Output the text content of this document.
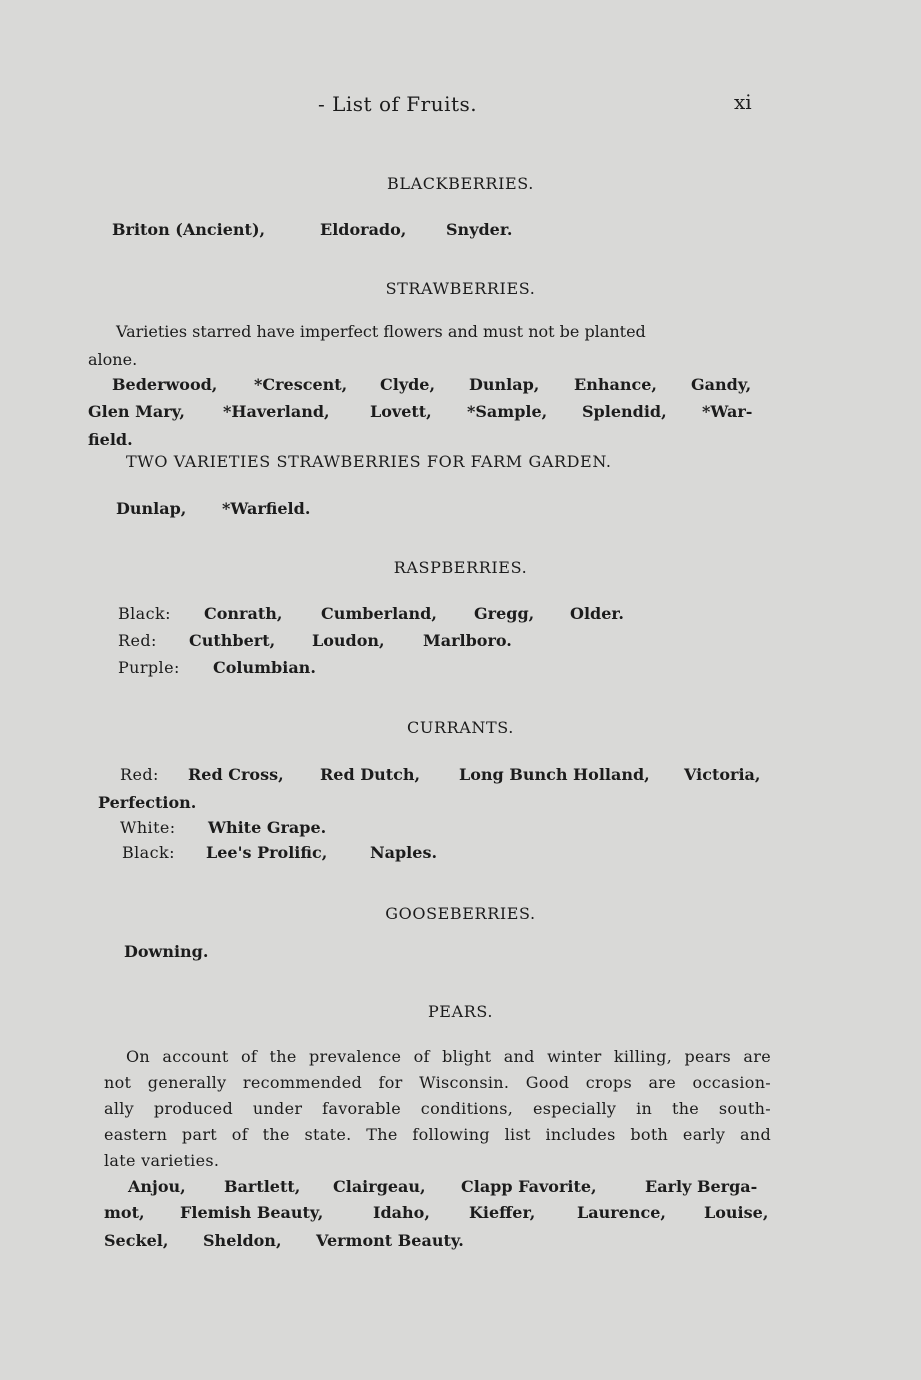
- List of Fruits.	xi
BLACKBERRIES.
Briton (Ancient),	Eldorado, Snyder.
STRAWBERRIES.
Varieties starred have imperfect flowers and must not be planted
alone.
Bederwood, *Crescent, Clyde, Dunlap, Enhance, Gandy,
Glen Mary, *Haverland,	Lovett, *Sample, Splendid, *War-
field.
TWO VARIETIES STRAWBERRIES FOR FARM GARDEN.
Dunlap, *Warfield.
RASPBERRIES.
Black: Conrath, Cumberland, Gregg, Older.
Red: Cuthbert, Loudon, Marlboro.
Purple: Columbian.
CURRANTS.
Red: Red Cross, Red Dutch, Long Bunch Holland, Victoria,
Perfection.
White: White Grape.
Black: Lee's Prolific,	Naples.
GOOSEBERRIES.
Downing.
PEARS.
On account of the prevalence of blight and winter killing, pears are
not generally recommended for Wisconsin. Good crops are occasion-
ally produced under favorable conditions, especially in the south-
eastern part of the state. The following list includes both early and
late varieties.
Anjou, Bartlett, Clairgeau, Clapp Favorite,	Early Berga-
mot, Flemish Beauty,	Idaho, Kieffer,	Laurence, Louise,
Seckel, Sheldon, Vermont Beauty.
